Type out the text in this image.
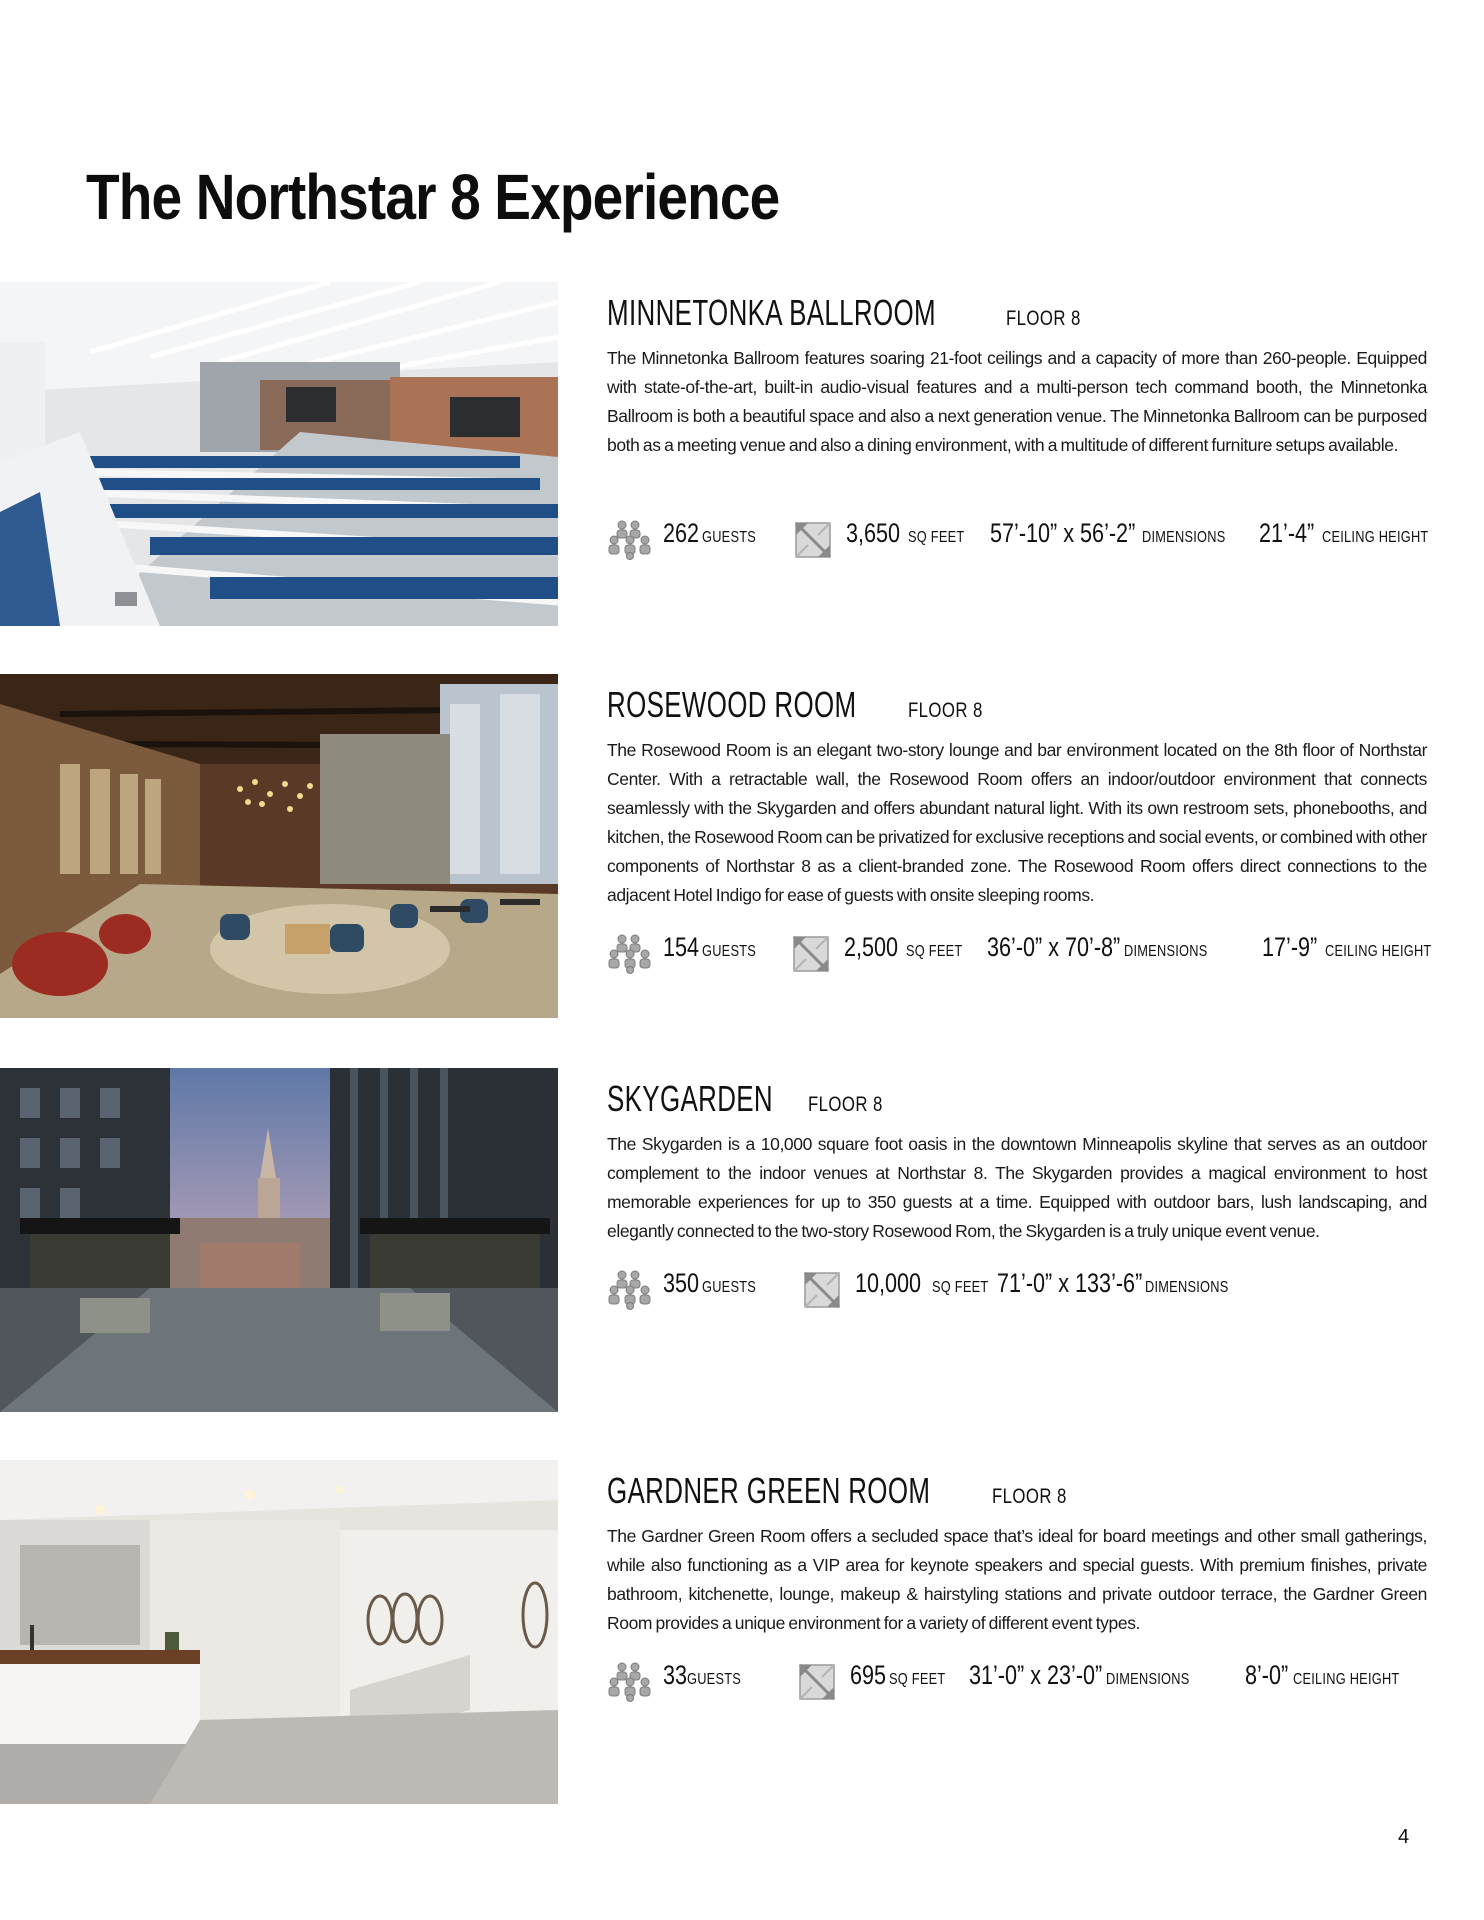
The Northstar 8 Experience
MINNETONKA BALLROOM	FLOOR 8

The Minnetonka Ballroom features soaring 21-foot ceilings and a capacity of more than 260-people. Equipped with state-of-the-art, built-in audio-visual features and a multi-person tech command booth, the Minnetonka Ballroom is both a beautiful space and also a next generation venue. The Minnetonka Ballroom can be purposed both as a meeting venue and also a dining environment, with a multitude of different furniture setups available.

262 GUESTS	3,650 SQ FEET 57’-10” x 56’-2” DIMENSIONS 21’-4” CEILING HEIGHT
ROSEWOOD ROOM FLOOR 8

The Rosewood Room is an elegant two-story lounge and bar environment located on the 8th floor of Northstar Center. With a retractable wall, the Rosewood Room offers an indoor/outdoor environment that connects seamlessly with the Skygarden and offers abundant natural light. With its own restroom sets, phonebooths, and kitchen, the Rosewood Room can be privatized for exclusive receptions and social events, or combined with other components of Northstar 8 as a client-branded zone. The Rosewood Room offers direct connections to the adjacent Hotel Indigo for ease of guests with onsite sleeping rooms.

154 GUESTS	2,500 SQ FEET 36’-0” x 70’-8” DIMENSIONS 17’-9” CEILING HEIGHT
SKYGARDEN FLOOR 8

The Skygarden is a 10,000 square foot oasis in the downtown Minneapolis skyline that serves as an outdoor complement to the indoor venues at Northstar 8. The Skygarden provides a magical environment to host memorable experiences for up to 350 guests at a time. Equipped with outdoor bars, lush landscaping, and elegantly connected to the two-story Rosewood Rom, the Skygarden is a truly unique event venue.

350 GUESTS	10,000 SQ FEET 71’-0” x 133’-6” DIMENSIONS
GARDNER GREEN ROOM	FLOOR 8

The Gardner Green Room offers a secluded space that’s ideal for board meetings and other small gatherings, while also functioning as a VIP area for keynote speakers and special guests. With premium finishes, private bathroom, kitchenette, lounge, makeup & hairstyling stations and private outdoor terrace, the Gardner Green Room provides a unique environment for a variety of different event types.

33 GUESTS	695 SQ FEET 31’-0” x 23’-0” DIMENSIONS 8’-0” CEILING HEIGHT
4
